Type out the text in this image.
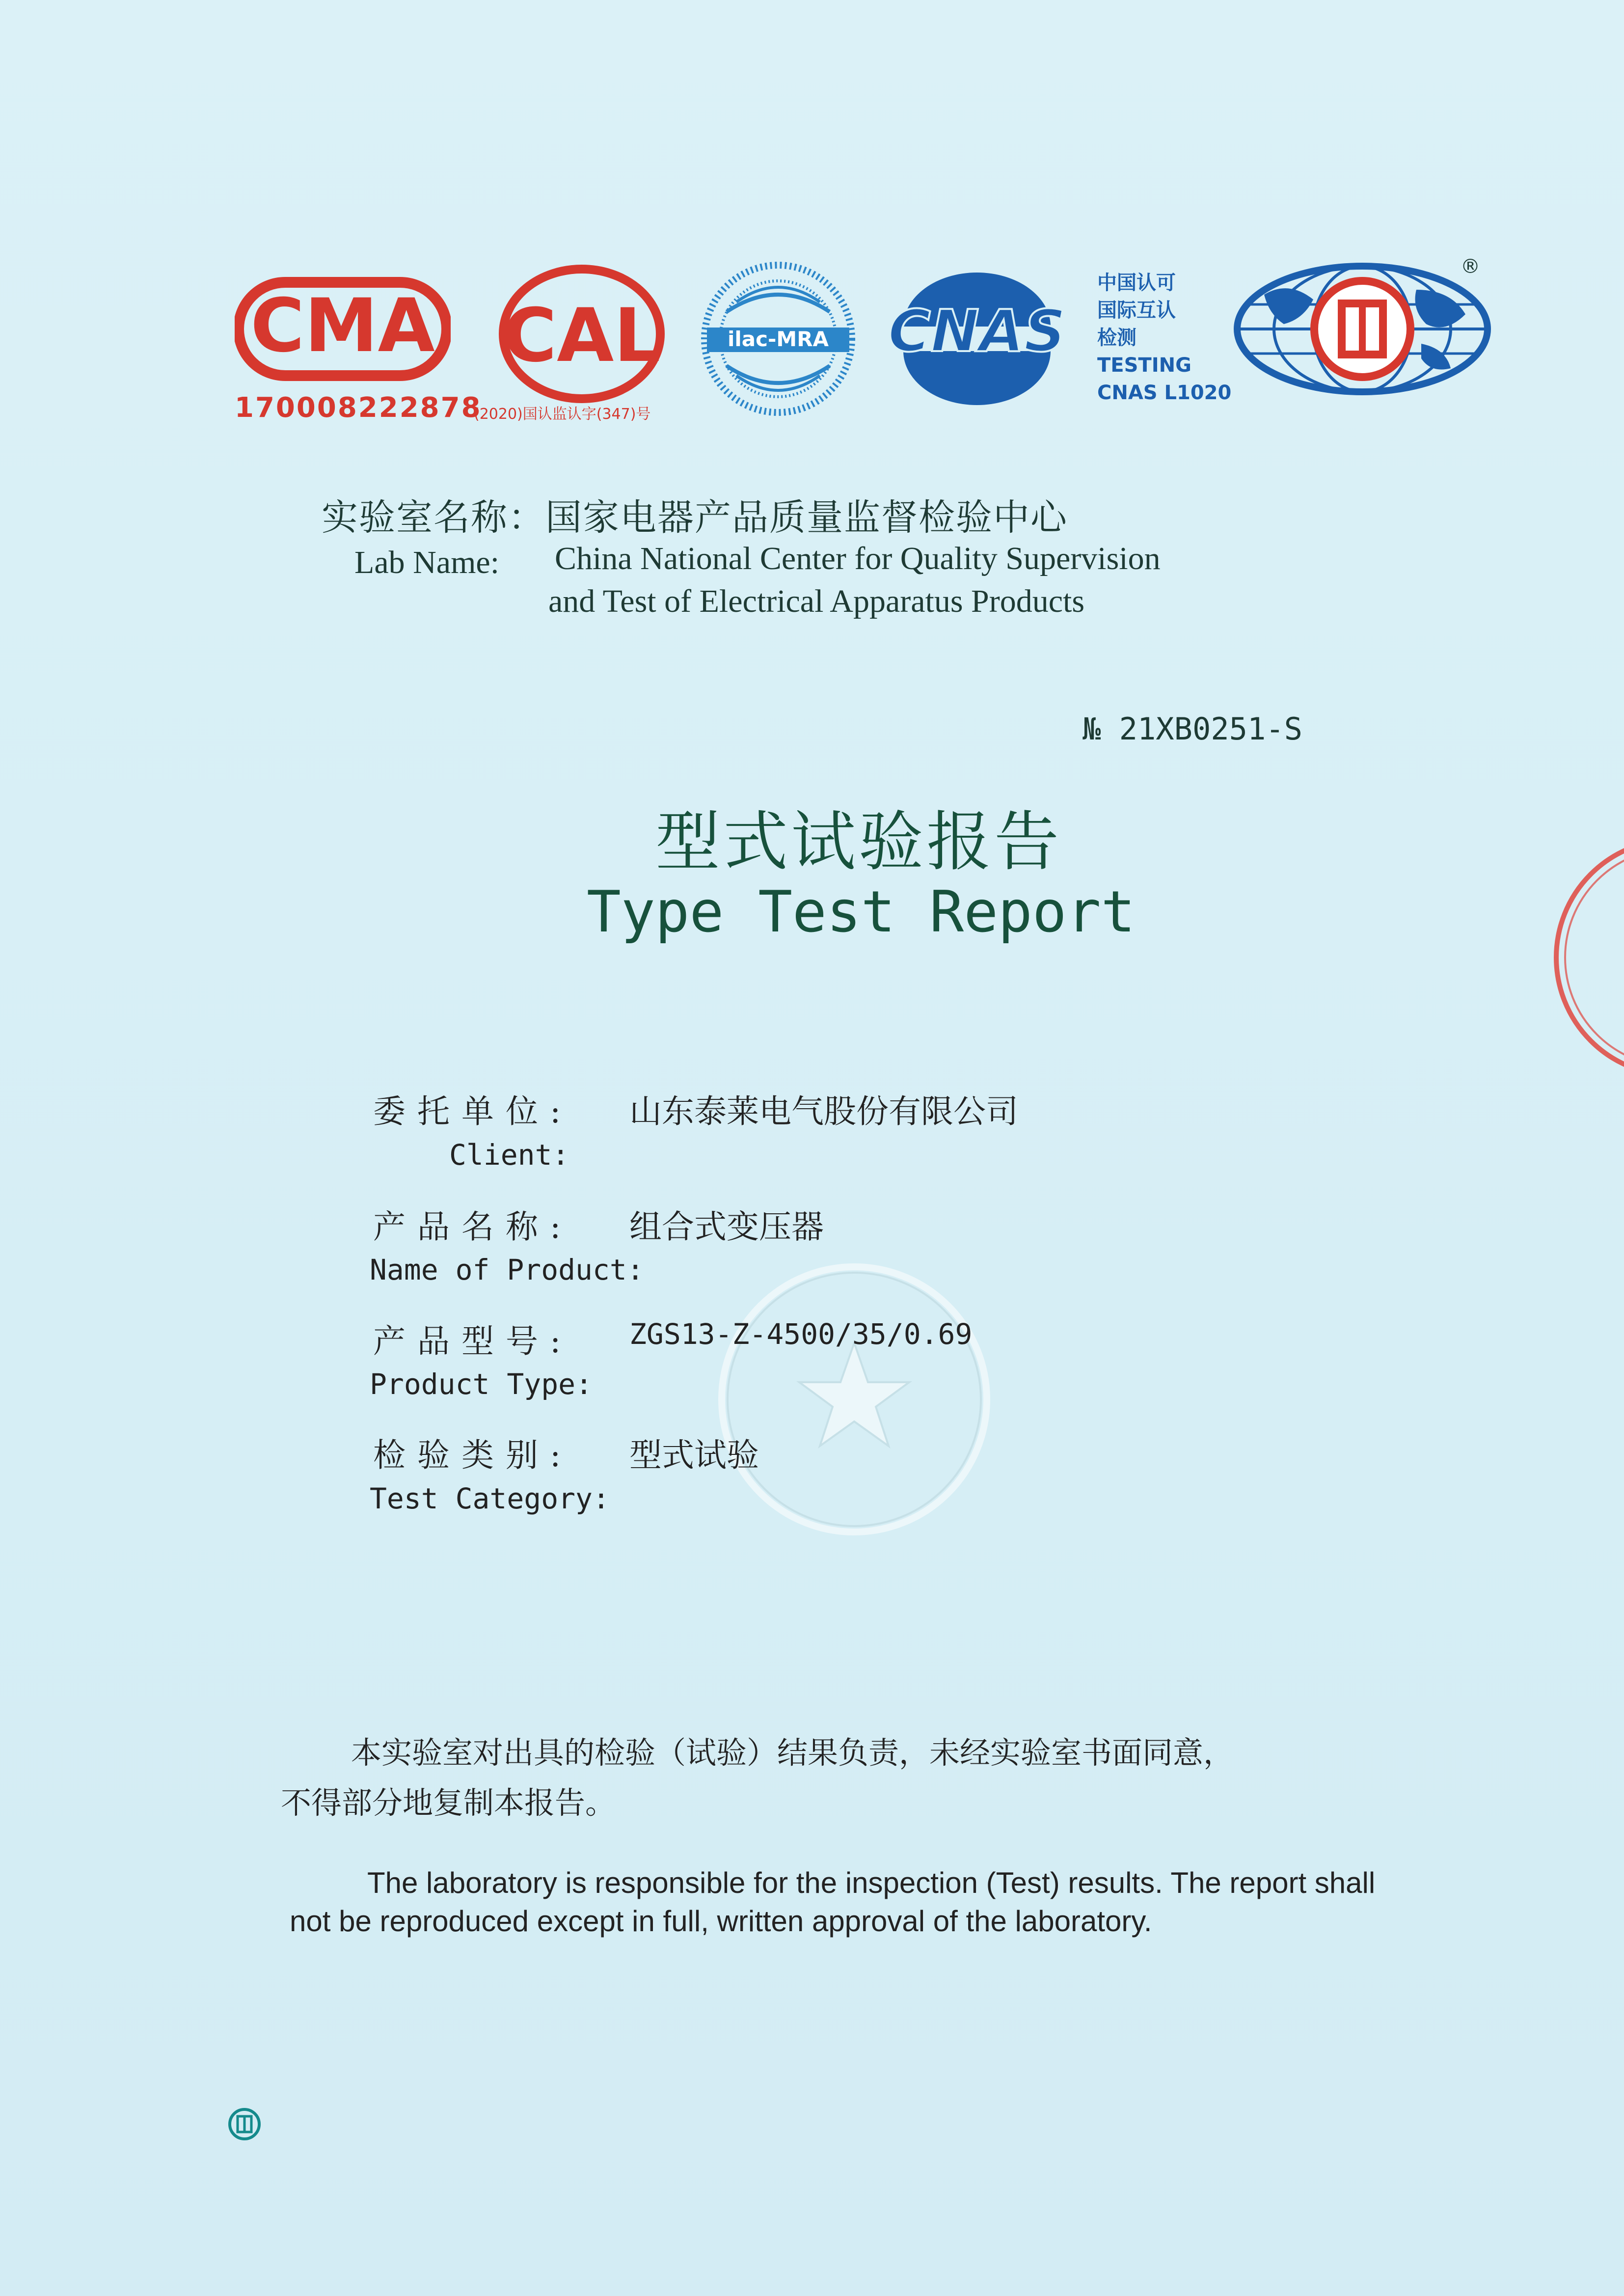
CMA
170008222878
CAL
(2020)国认监认字(347)号
ilac-MRA CNAS
中国认可
国际互认
检测
TESTING
CNAS L1020
®
实验室名称：国家电器产品质量监督检验中心
Lab Name: China National Center for Quality Supervision
and Test of Electrical Apparatus Products
№ 21XB0251-S
型式试验报告
Type Test Report
委托单位: 山东泰莱电气股份有限公司
Client:
产品名称: 组合式变压器
Name of Product:
产品型号: ZGS13-Z-4500/35/0.69
Product Type:
检验类别: 型式试验
Test Category:
本实验室对出具的检验（试验）结果负责，未经实验室书面同意，
不得部分地复制本报告。
The laboratory is responsible for the inspection (Test) results. The report shall
not be reproduced except in full, written approval of the laboratory.
